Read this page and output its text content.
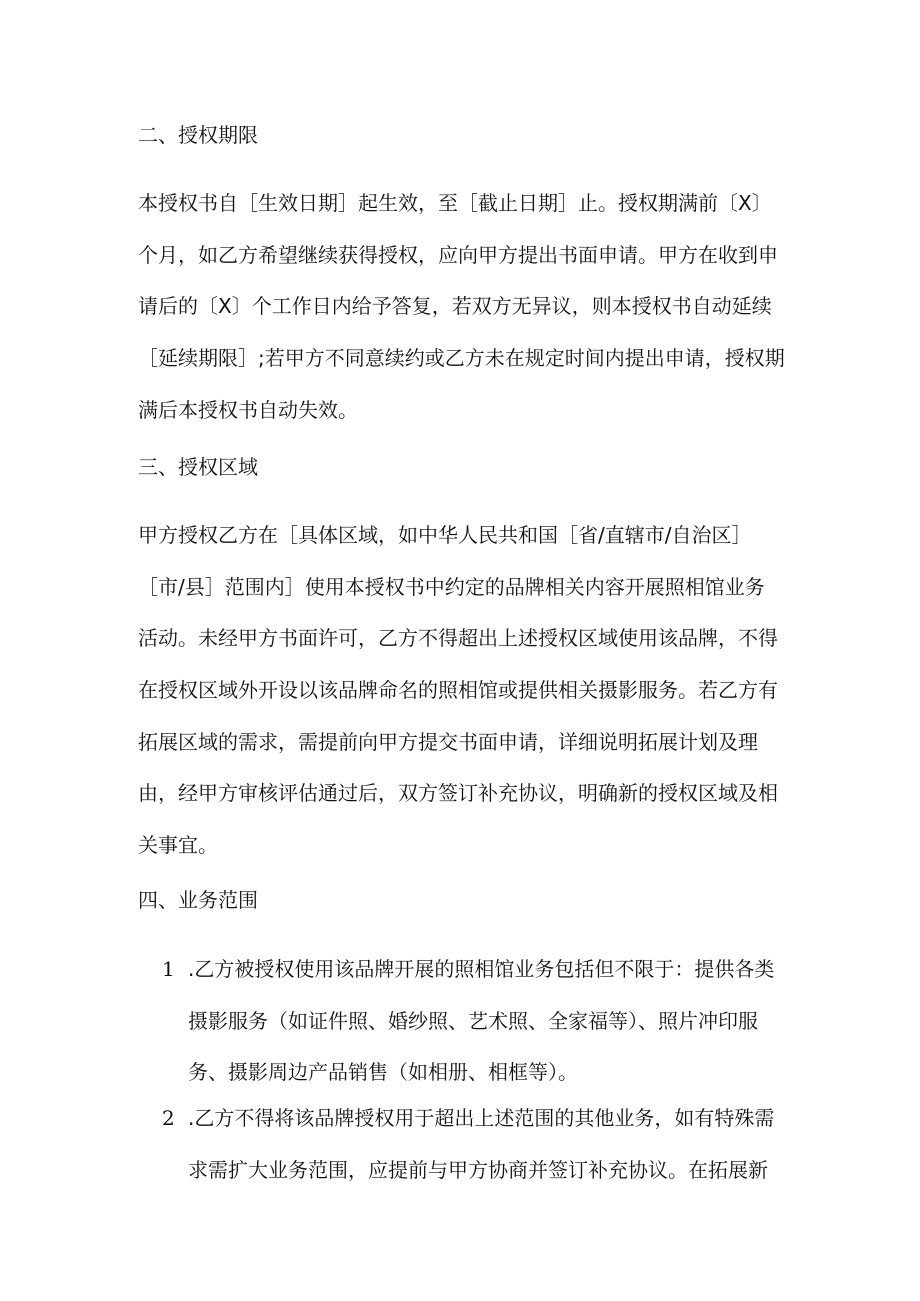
二、授权期限
本授权书自［生效日期］起生效，至［截止日期］止。授权期满前〔X〕
个月，如乙方希望继续获得授权，应向甲方提出书面申请。甲方在收到申
请后的〔X〕个工作日内给予答复，若双方无异议，则本授权书自动延续
［延续期限］;若甲方不同意续约或乙方未在规定时间内提出申请，授权期
满后本授权书自动失效。
三、授权区域
甲方授权乙方在［具体区域，如中华人民共和国［省/直辖市/自治区］
［市/县］范围内］使用本授权书中约定的品牌相关内容开展照相馆业务
活动。未经甲方书面许可，乙方不得超出上述授权区域使用该品牌，不得
在授权区域外开设以该品牌命名的照相馆或提供相关摄影服务。若乙方有
拓展区域的需求，需提前向甲方提交书面申请，详细说明拓展计划及理
由，经甲方审核评估通过后，双方签订补充协议，明确新的授权区域及相
关事宜。
四、业务范围
1 .乙方被授权使用该品牌开展的照相馆业务包括但不限于：提供各类
摄影服务（如证件照、婚纱照、艺术照、全家福等）、照片冲印服
务、摄影周边产品销售（如相册、相框等）。
2 .乙方不得将该品牌授权用于超出上述范围的其他业务，如有特殊需
求需扩大业务范围，应提前与甲方协商并签订补充协议。在拓展新
